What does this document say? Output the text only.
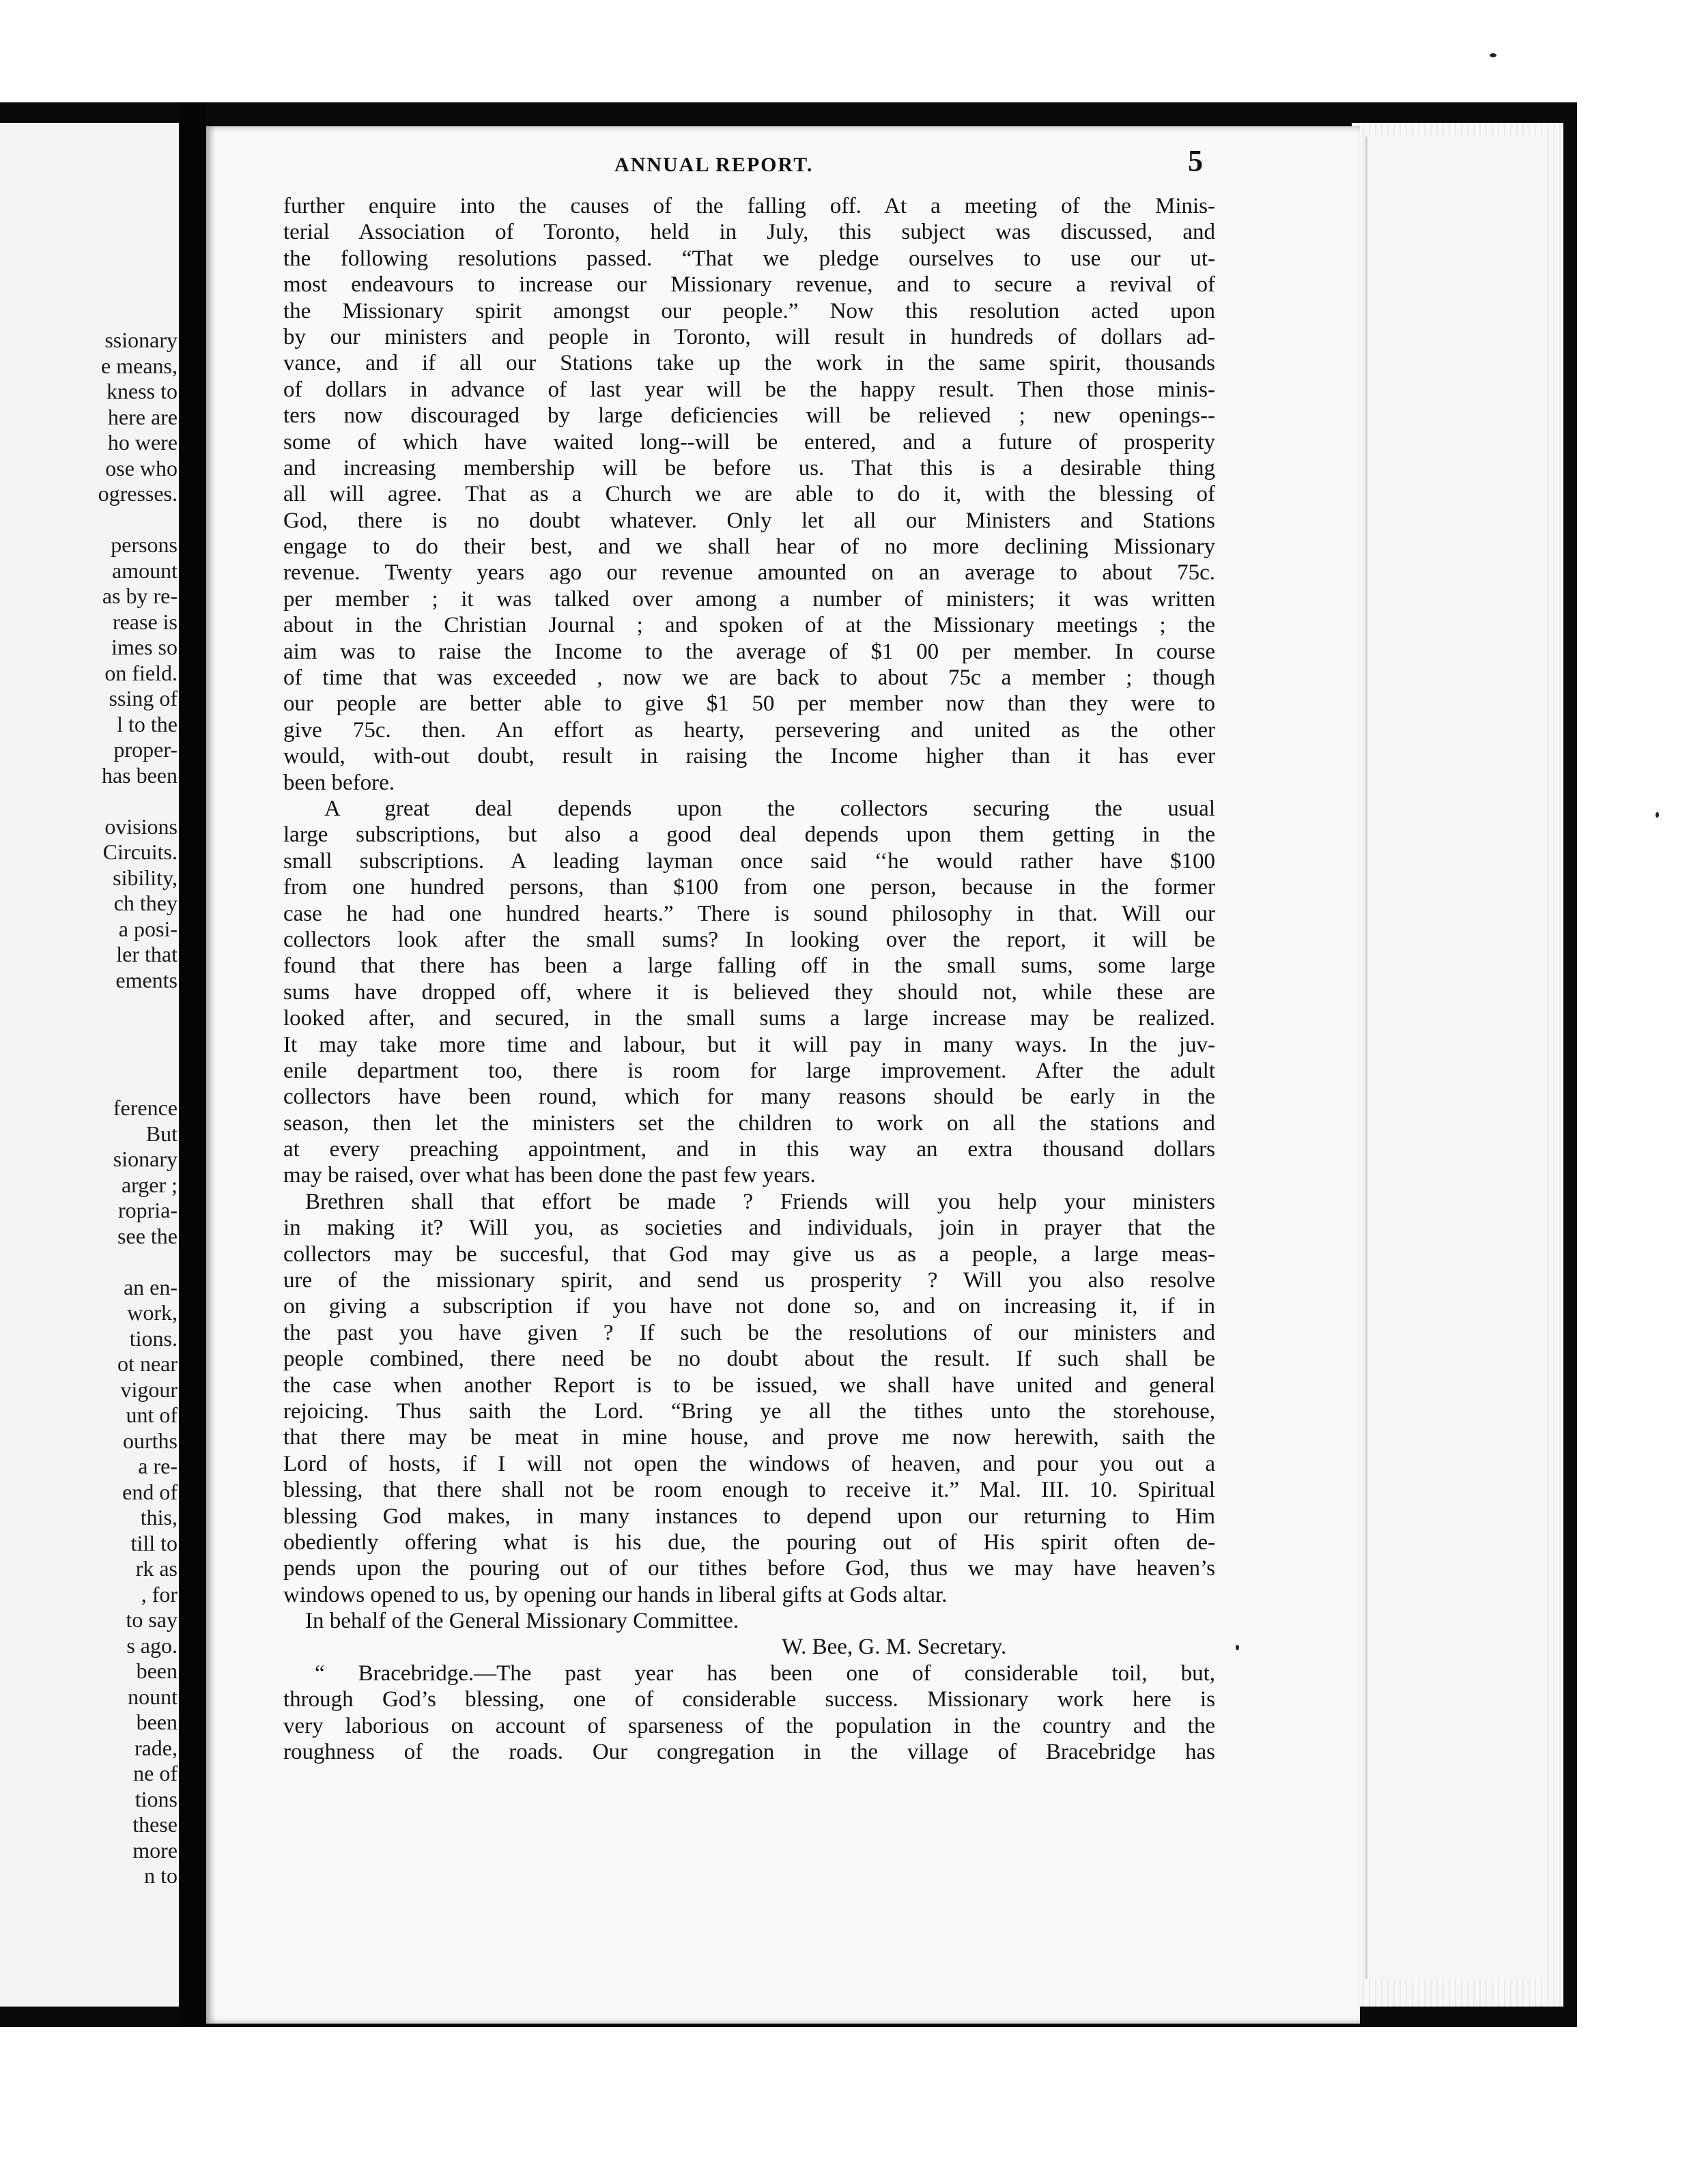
ssionary
e means,
kness to
here are
ho were
ose who
ogresses.
persons
amount
as by re-
rease is
imes so
on field.
ssing of
l to the
proper-
has been
ovisions
Circuits.
sibility,
ch they
a posi-
ler that
ements
ference
But
sionary
arger ;
ropria-
see the
an en-
work,
tions.
ot near
vigour
unt of
ourths
a re-
end of
this,
till to
rk as
, for
to say
s ago.
been
nount
been
rade,
ne of
tions
these
more
n to
ANNUAL REPORT.	5
further enquire into the causes of the falling off. At a meeting of the Minis-
terial Association of Toronto, held in July, this subject was discussed, and
the following resolutions passed. “That we pledge ourselves to use our ut-
most endeavours to increase our Missionary revenue, and to secure a revival of
the Missionary spirit amongst our people.” Now this resolution acted upon
by our ministers and people in Toronto, will result in hundreds of dollars ad-
vance, and if all our Stations take up the work in the same spirit, thousands
of dollars in advance of last year will be the happy result. Then those minis-
ters now discouraged by large deficiencies will be relieved ; new openings--
some of which have waited long--will be entered, and a future of prosperity
and increasing membership will be before us. That this is a desirable thing
all will agree. That as a Church we are able to do it, with the blessing of
God, there is no doubt whatever. Only let all our Ministers and Stations
engage to do their best, and we shall hear of no more declining Missionary
revenue. Twenty years ago our revenue amounted on an average to about 75c.
per member ; it was talked over among a number of ministers; it was written
about in the Christian Journal ; and spoken of at the Missionary meetings ; the
aim was to raise the Income to the average of $1 00 per member. In course
of time that was exceeded , now we are back to about 75c a member ; though
our people are better able to give $1 50 per member now than they were to
give 75c. then. An effort as hearty, persevering and united as the other
would, with-out doubt, result in raising the Income higher than it has ever
been before.
A great deal depends upon the collectors securing the usual
large subscriptions, but also a good deal depends upon them getting in the
small subscriptions. A leading layman once said ‘‘he would rather have $100
from one hundred persons, than $100 from one person, because in the former
case he had one hundred hearts.” There is sound philosophy in that. Will our
collectors look after the small sums? In looking over the report, it will be
found that there has been a large falling off in the small sums, some large
sums have dropped off, where it is believed they should not, while these are
looked after, and secured, in the small sums a large increase may be realized.
It may take more time and labour, but it will pay in many ways. In the juv-
enile department too, there is room for large improvement. After the adult
collectors have been round, which for many reasons should be early in the
season, then let the ministers set the children to work on all the stations and
at every preaching appointment, and in this way an extra thousand dollars
may be raised, over what has been done the past few years.
Brethren shall that effort be made ? Friends will you help your ministers
in making it? Will you, as societies and individuals, join in prayer that the
collectors may be succesful, that God may give us as a people, a large meas-
ure of the missionary spirit, and send us prosperity ? Will you also resolve
on giving a subscription if you have not done so, and on increasing it, if in
the past you have given ? If such be the resolutions of our ministers and
people combined, there need be no doubt about the result. If such shall be
the case when another Report is to be issued, we shall have united and general
rejoicing. Thus saith the Lord. “Bring ye all the tithes unto the storehouse,
that there may be meat in mine house, and prove me now herewith, saith the
Lord of hosts, if I will not open the windows of heaven, and pour you out a
blessing, that there shall not be room enough to receive it.” Mal. III. 10. Spiritual
blessing God makes, in many instances to depend upon our returning to Him
obediently offering what is his due, the pouring out of His spirit often de-
pends upon the pouring out of our tithes before God, thus we may have heaven’s
windows opened to us, by opening our hands in liberal gifts at Gods altar.
In behalf of the General Missionary Committee.
W. Bee, G. M. Secretary.
“ Bracebridge.—The past year has been one of considerable toil, but,
through God’s blessing, one of considerable success. Missionary work here is
very laborious on account of sparseness of the population in the country and the
roughness of the roads. Our congregation in the village of Bracebridge has
